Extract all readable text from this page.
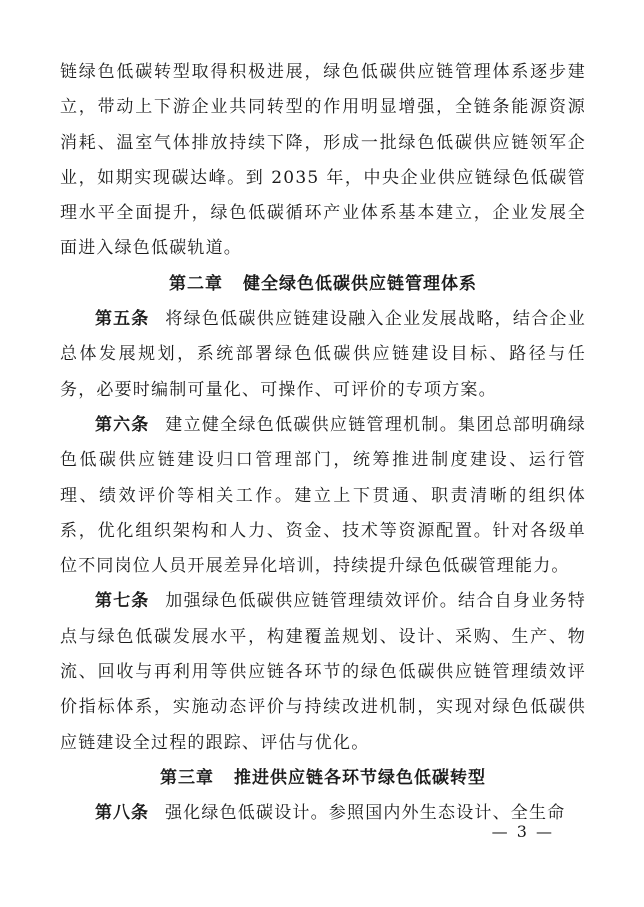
链绿色低碳转型取得积极进展，绿色低碳供应链管理体系逐步建立，带动上下游企业共同转型的作用明显增强，全链条能源资源消耗、温室气体排放持续下降，形成一批绿色低碳供应链领军企业，如期实现碳达峰。到 2035 年，中央企业供应链绿色低碳管理水平全面提升，绿色低碳循环产业体系基本建立，企业发展全面进入绿色低碳轨道。

第二章 健全绿色低碳供应链管理体系

第五条 将绿色低碳供应链建设融入企业发展战略，结合企业总体发展规划，系统部署绿色低碳供应链建设目标、路径与任务，必要时编制可量化、可操作、可评价的专项方案。

第六条 建立健全绿色低碳供应链管理机制。集团总部明确绿色低碳供应链建设归口管理部门，统筹推进制度建设、运行管理、绩效评价等相关工作。建立上下贯通、职责清晰的组织体系，优化组织架构和人力、资金、技术等资源配置。针对各级单位不同岗位人员开展差异化培训，持续提升绿色低碳管理能力。

第七条 加强绿色低碳供应链管理绩效评价。结合自身业务特点与绿色低碳发展水平，构建覆盖规划、设计、采购、生产、物流、回收与再利用等供应链各环节的绿色低碳供应链管理绩效评价指标体系，实施动态评价与持续改进机制，实现对绿色低碳供应链建设全过程的跟踪、评估与优化。

第三章 推进供应链各环节绿色低碳转型

第八条 强化绿色低碳设计。参照国内外生态设计、全生命

— 3 —
